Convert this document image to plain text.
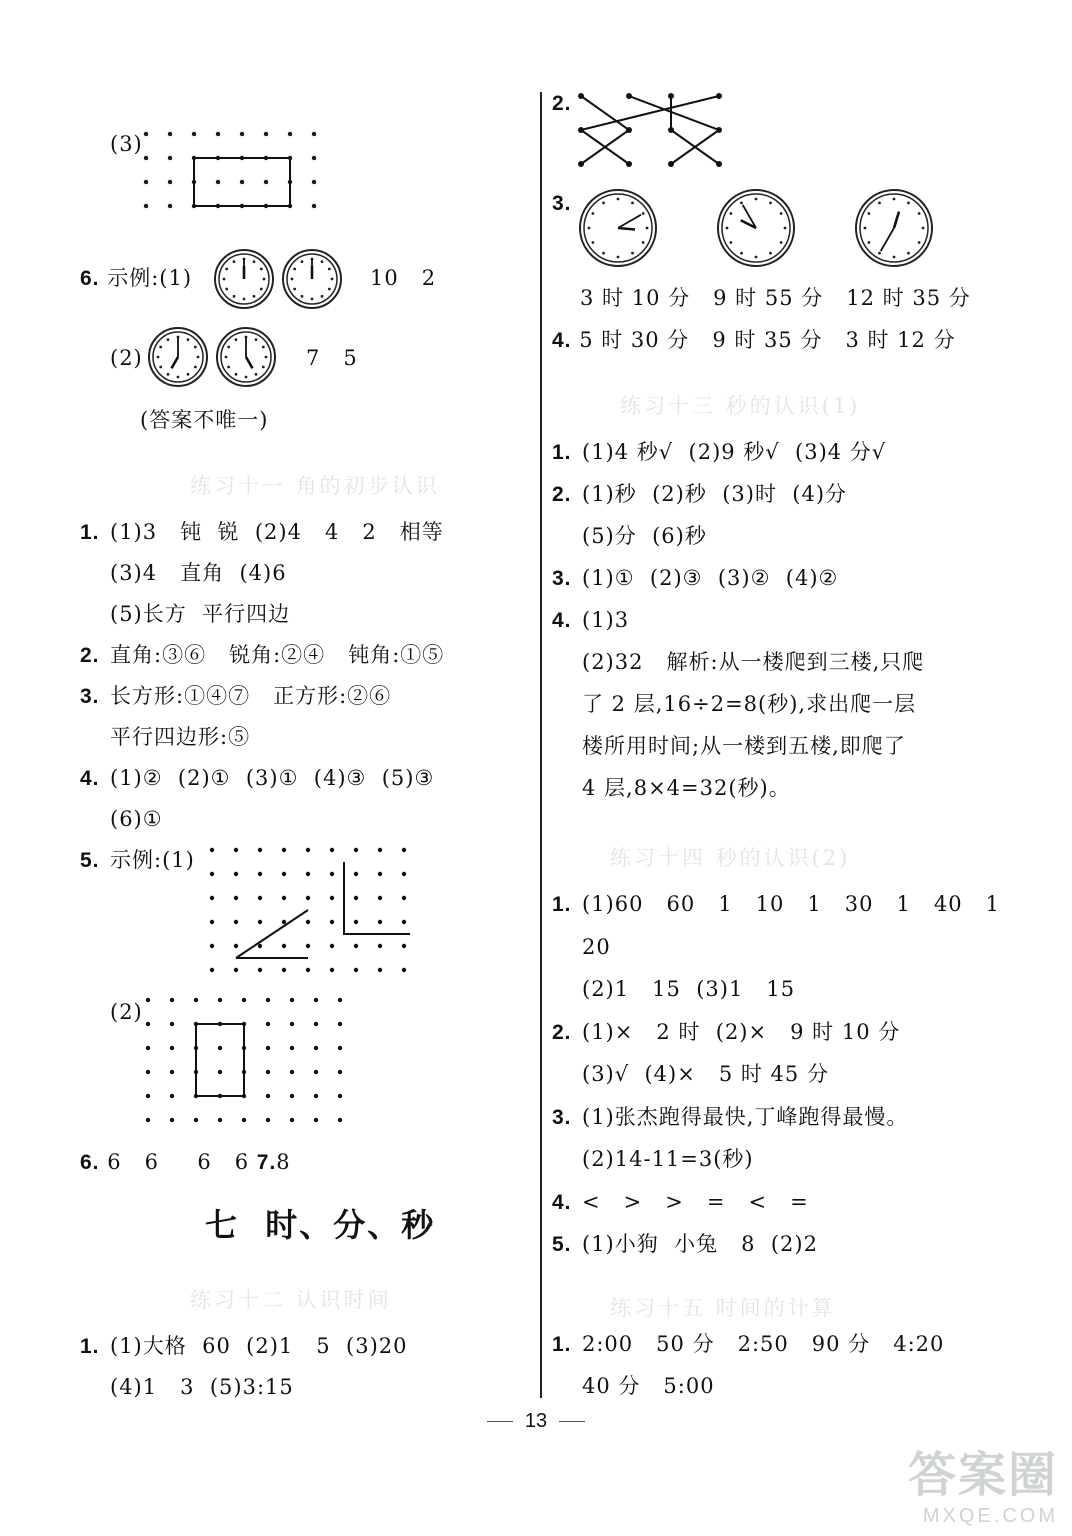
(3)
6. 示例:(1)	10   2
(2)	7   5
(答案不唯一)
练习十一 角的初步认识
1. (1)3   钝  锐  (2)4   4   2   相等
(3)4   直角  (4)6
(5)长方  平行四边
2. 直角:③⑥   锐角:②④   钝角:①⑤
3. 长方形:①④⑦   正方形:②⑥
平行四边形:⑤
4. (1)②  (2)①  (3)①  (4)③  (5)③
(6)①
5. 示例:(1)
(2)
6. 6   6     6   6 7.8
七  时、分、秒
练习十二 认识时间
1. (1)大格  60  (2)1   5  (3)20
(4)1   3  (5)3:15
2.
3.
3 时 10 分   9 时 55 分   12 时 35 分
4. 5 时 30 分   9 时 35 分   3 时 12 分
练习十三 秒的认识(1)
1. (1)4 秒√  (2)9 秒√  (3)4 分√
2. (1)秒  (2)秒  (3)时  (4)分
(5)分  (6)秒
3. (1)①  (2)③  (3)②  (4)②
4. (1)3
(2)32   解析:从一楼爬到三楼,只爬
了 2 层,16÷2=8(秒),求出爬一层
楼所用时间;从一楼到五楼,即爬了
4 层,8×4=32(秒)。
练习十四 秒的认识(2)
1. (1)60   60   1   10   1   30   1   40   1
20
(2)1   15  (3)1   15
2. (1)×   2 时  (2)×   9 时 10 分
(3)√  (4)×   5 时 45 分
3. (1)张杰跑得最快,丁峰跑得最慢。
(2)14-11=3(秒)
4. <   >   >   =   <   =
5. (1)小狗  小兔   8  (2)2
练习十五 时间的计算
1. 2:00   50 分   2:50   90 分   4:20
40 分   5:00
13
答案圈
MXQE.COM
